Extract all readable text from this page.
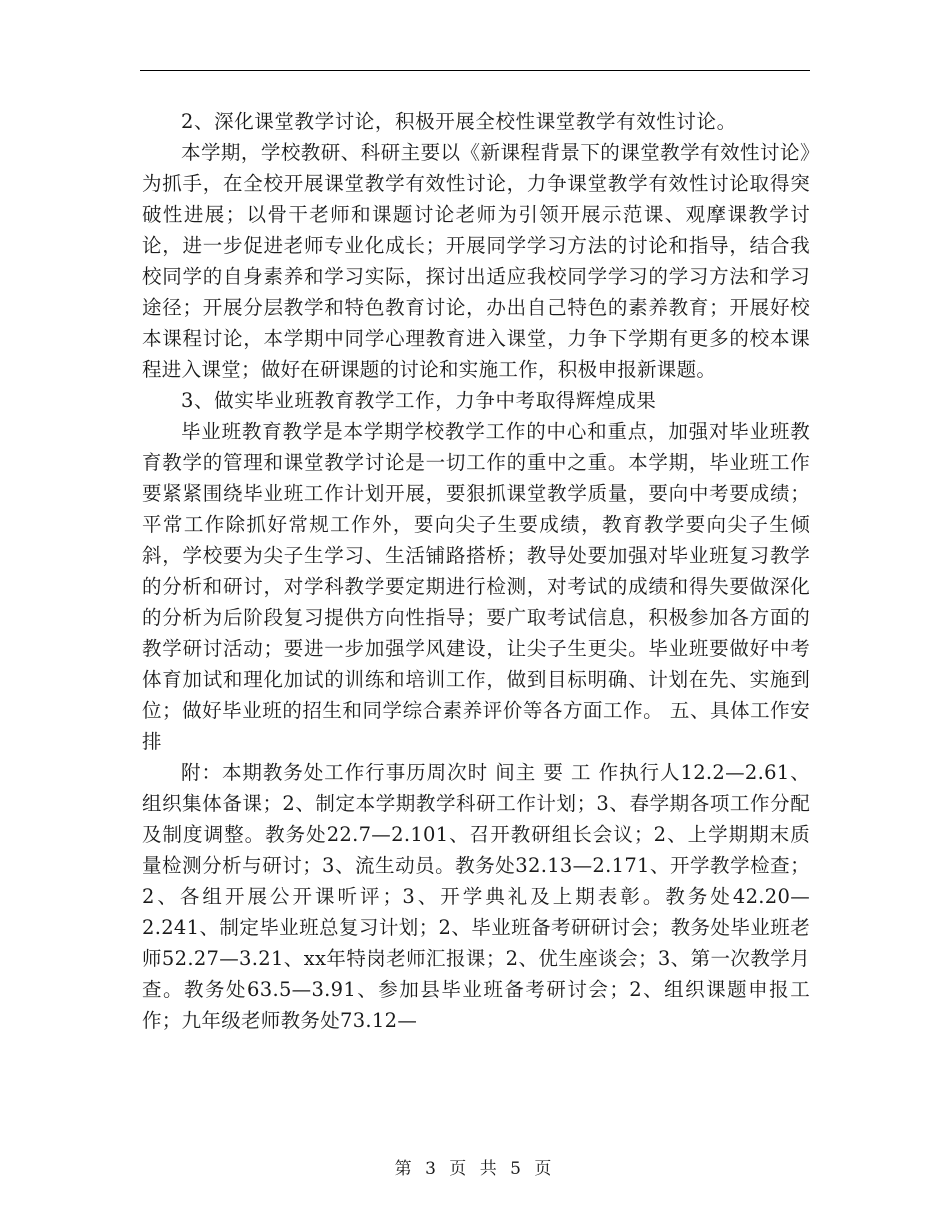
2、深化课堂教学讨论，积极开展全校性课堂教学有效性讨论。

本学期，学校教研、科研主要以《新课程背景下的课堂教学有效性讨论》为抓手，在全校开展课堂教学有效性讨论，力争课堂教学有效性讨论取得突破性进展；以骨干老师和课题讨论老师为引领开展示范课、观摩课教学讨论，进一步促进老师专业化成长；开展同学学习方法的讨论和指导，结合我校同学的自身素养和学习实际，探讨出适应我校同学学习的学习方法和学习途径；开展分层教学和特色教育讨论，办出自己特色的素养教育；开展好校本课程讨论，本学期中同学心理教育进入课堂，力争下学期有更多的校本课程进入课堂；做好在研课题的讨论和实施工作，积极申报新课题。

3、做实毕业班教育教学工作，力争中考取得辉煌成果

毕业班教育教学是本学期学校教学工作的中心和重点，加强对毕业班教育教学的管理和课堂教学讨论是一切工作的重中之重。本学期，毕业班工作要紧紧围绕毕业班工作计划开展，要狠抓课堂教学质量，要向中考要成绩；平常工作除抓好常规工作外，要向尖子生要成绩，教育教学要向尖子生倾斜，学校要为尖子生学习、生活铺路搭桥；教导处要加强对毕业班复习教学的分析和研讨，对学科教学要定期进行检测，对考试的成绩和得失要做深化的分析为后阶段复习提供方向性指导；要广取考试信息，积极参加各方面的教学研讨活动；要进一步加强学风建设，让尖子生更尖。毕业班要做好中考体育加试和理化加试的训练和培训工作，做到目标明确、计划在先、实施到位；做好毕业班的招生和同学综合素养评价等各方面工作。 五、具体工作安排

附：本期教务处工作行事历周次时 间主 要 工 作执行人12.2—2.61、组织集体备课；2、制定本学期教学科研工作计划；3、春学期各项工作分配及制度调整。教务处22.7—2.101、召开教研组长会议；2、上学期期末质量检测分析与研讨；3、流生动员。教务处32.13—2.171、开学教学检查；2、各组开展公开课听评；3、开学典礼及上期表彰。教务处42.20—2.241、制定毕业班总复习计划；2、毕业班备考研研讨会；教务处毕业班老师52.27—3.21、xx年特岗老师汇报课；2、优生座谈会；3、第一次教学月查。教务处63.5—3.91、参加县毕业班备考研讨会；2、组织课题申报工作；九年级老师教务处73.12—

第 3 页 共 5 页
